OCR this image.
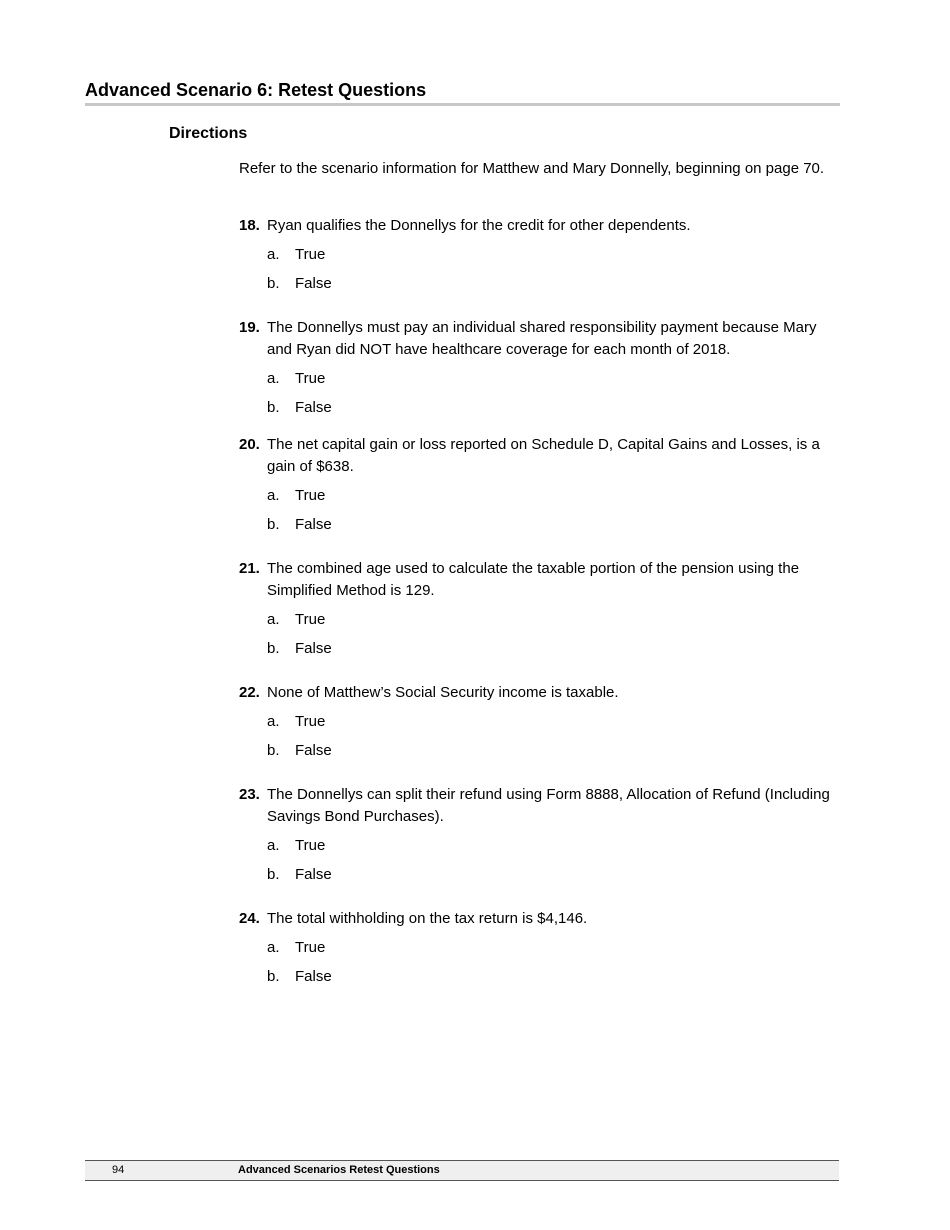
Advanced Scenario 6: Retest Questions
Directions
Refer to the scenario information for Matthew and Mary Donnelly, beginning on page 70.
18. Ryan qualifies the Donnellys for the credit for other dependents.
a.	True
b.	False
19. The Donnellys must pay an individual shared responsibility payment because Mary and Ryan did NOT have healthcare coverage for each month of 2018.
a.	True
b.	False
20. The net capital gain or loss reported on Schedule D, Capital Gains and Losses, is a gain of $638.
a.	True
b.	False
21. The combined age used to calculate the taxable portion of the pension using the Simplified Method is 129.
a.	True
b.	False
22. None of Matthew’s Social Security income is taxable.
a.	True
b.	False
23. The Donnellys can split their refund using Form 8888, Allocation of Refund (Including Savings Bond Purchases).
a.	True
b.	False
24. The total withholding on the tax return is $4,146.
a.	True
b.	False
94	Advanced Scenarios Retest Questions
